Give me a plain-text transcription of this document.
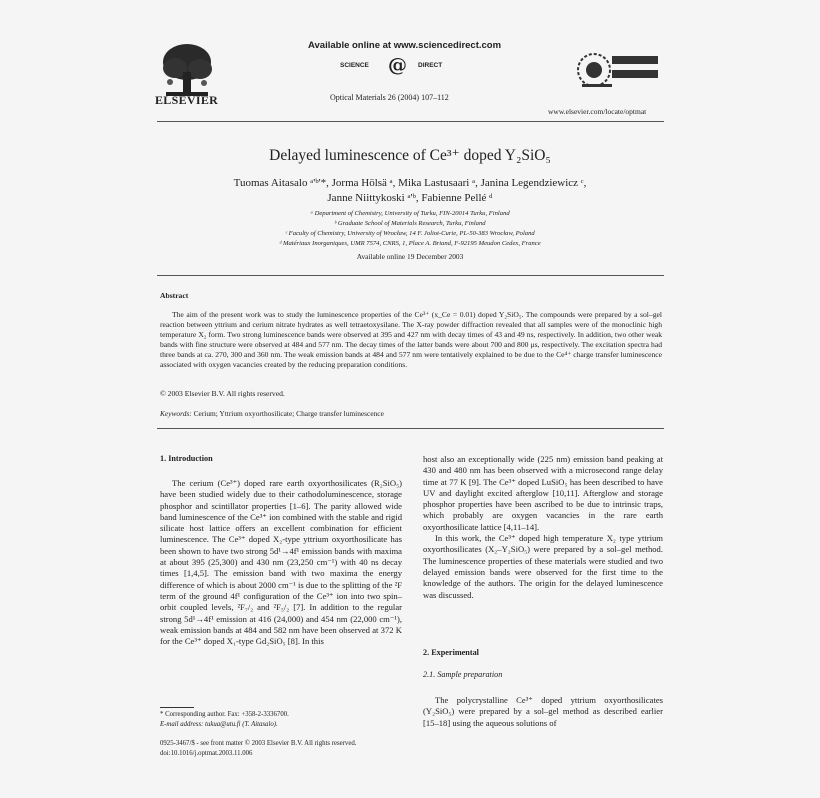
ELSEVIER
Available online at www.sciencedirect.com
SCIENCE @ DIRECT
Optical Materials 26 (2004) 107–112
www.elsevier.com/locate/optmat
Delayed luminescence of Ce³⁺ doped Y₂SiO₅
Tuomas Aitasalo ᵃ'ᵇ'*, Jorma Hölsä ᵃ, Mika Lastusaari ᵃ, Janina Legendziewicz ᶜ,
Janne Niittykoski ᵃ'ᵇ, Fabienne Pellé ᵈ
ᵃ Department of Chemistry, University of Turku, FIN-20014 Turku, Finland
ᵇ Graduate School of Materials Research, Turku, Finland
ᶜ Faculty of Chemistry, University of Wrocław, 14 F. Joliot-Curie, PL-50-383 Wrocław, Poland
ᵈ Matériaux Inorganiques, UMR 7574, CNRS, 1, Place A. Briand, F-92195 Meudon Cedex, France
Available online 19 December 2003
Abstract

The aim of the present work was to study the luminescence properties of the Ce³⁺ (x_Ce = 0.01) doped Y₂SiO₅. The compounds were prepared by a sol–gel reaction between yttrium and cerium nitrate hydrates as well tetraetoxysilane. The X-ray powder diffraction revealed that all samples were of the monoclinic high temperature X₂ form. Two strong luminescence bands were observed at 395 and 427 nm with decay times of 43 and 49 ns, respectively. In addition, two other weak bands with fine structure were observed at 484 and 577 nm. The decay times of the latter bands were about 700 and 800 μs, respectively. The excitation spectra had three bands at ca. 270, 300 and 360 nm. The weak emission bands at 484 and 577 nm were tentatively explained to be due to the Ce⁴⁺ charge transfer luminescence associated with oxygen vacancies created by the reducing preparation conditions.

© 2003 Elsevier B.V. All rights reserved.
Keywords: Cerium; Yttrium oxyorthosilicate; Charge transfer luminescence
1. Introduction

The cerium (Ce³⁺) doped rare earth oxyorthosilicates (R₂SiO₅) have been studied widely due to their cathodoluminescence, storage phosphor and scintillator properties [1–6]. The parity allowed wide band luminescence of the Ce³⁺ ion combined with the stable and rigid silicate host lattice offers an excellent combination for efficient luminescence. The Ce³⁺ doped X₂-type yttrium oxyorthosilicate has been shown to have two strong 5d¹→4f¹ emission bands with maxima at about 395 (25,300) and 430 nm (23,250 cm⁻¹) with 40 ns decay times [1,4,5]. The emission band with two maxima the energy difference of which is about 2000 cm⁻¹ is due to the splitting of the ²F term of the ground 4f¹ configuration of the Ce³⁺ ion into two spin–orbit coupled levels, ²F₇/₂ and ²F₅/₂ [7]. In addition to the regular strong 5d¹→4f¹ emission at 416 (24,000) and 454 nm (22,000 cm⁻¹), weak emission bands at 484 and 582 nm have been observed at 372 K for the Ce³⁺ doped X₁-type Gd₂SiO₅ [8]. In this

host also an exceptionally wide (225 nm) emission band peaking at 430 and 480 nm has been observed with a microsecond range delay time at 77 K [9]. The Ce³⁺ doped LuSiO₅ has been described to have UV and daylight excited afterglow [10,11]. Afterglow and storage phosphor properties have been ascribed to be due to intrinsic traps, which probably are oxygen vacancies in the rare earth oxyorthosilicate lattice [4,11–14].

In this work, the Ce³⁺ doped high temperature X₂ type yttrium oxyorthosilicates (X₂–Y₂SiO₅) were prepared by a sol–gel method. The luminescence properties of these materials were studied and two delayed emission bands were observed for the first time to the knowledge of the authors. The origin for the delayed luminescence was discussed.

2. Experimental
2.1. Sample preparation

The polycrystalline Ce³⁺ doped yttrium oxyorthosilicates (Y₂SiO₅) were prepared by a sol–gel method as described earlier [15–18] using the aqueous solutions of

* Corresponding author. Fax: +358-2-3336700.
E-mail address: tukua@utu.fi (T. Aitasalo).
0925-3467/$ - see front matter © 2003 Elsevier B.V. All rights reserved.
doi:10.1016/j.optmat.2003.11.006
